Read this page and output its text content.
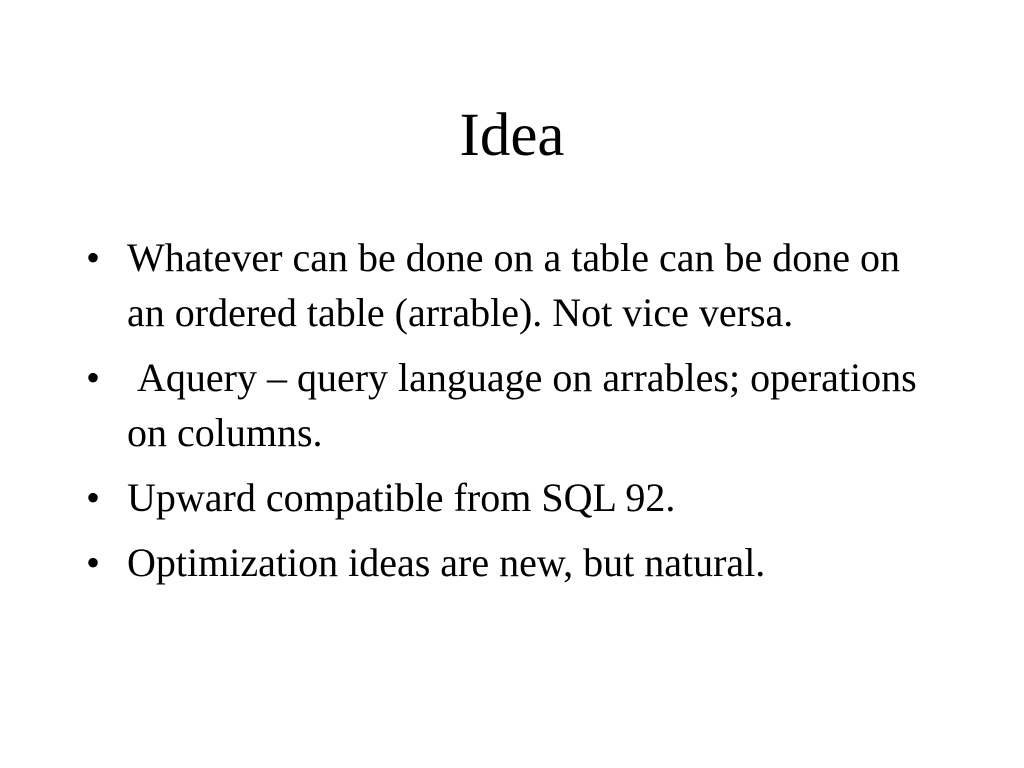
Idea
• Whatever can be done on a table can be done on an ordered table (arrable). Not vice versa.
• Aquery – query language on arrables; operations on columns.
• Upward compatible from SQL 92.
• Optimization ideas are new, but natural.
